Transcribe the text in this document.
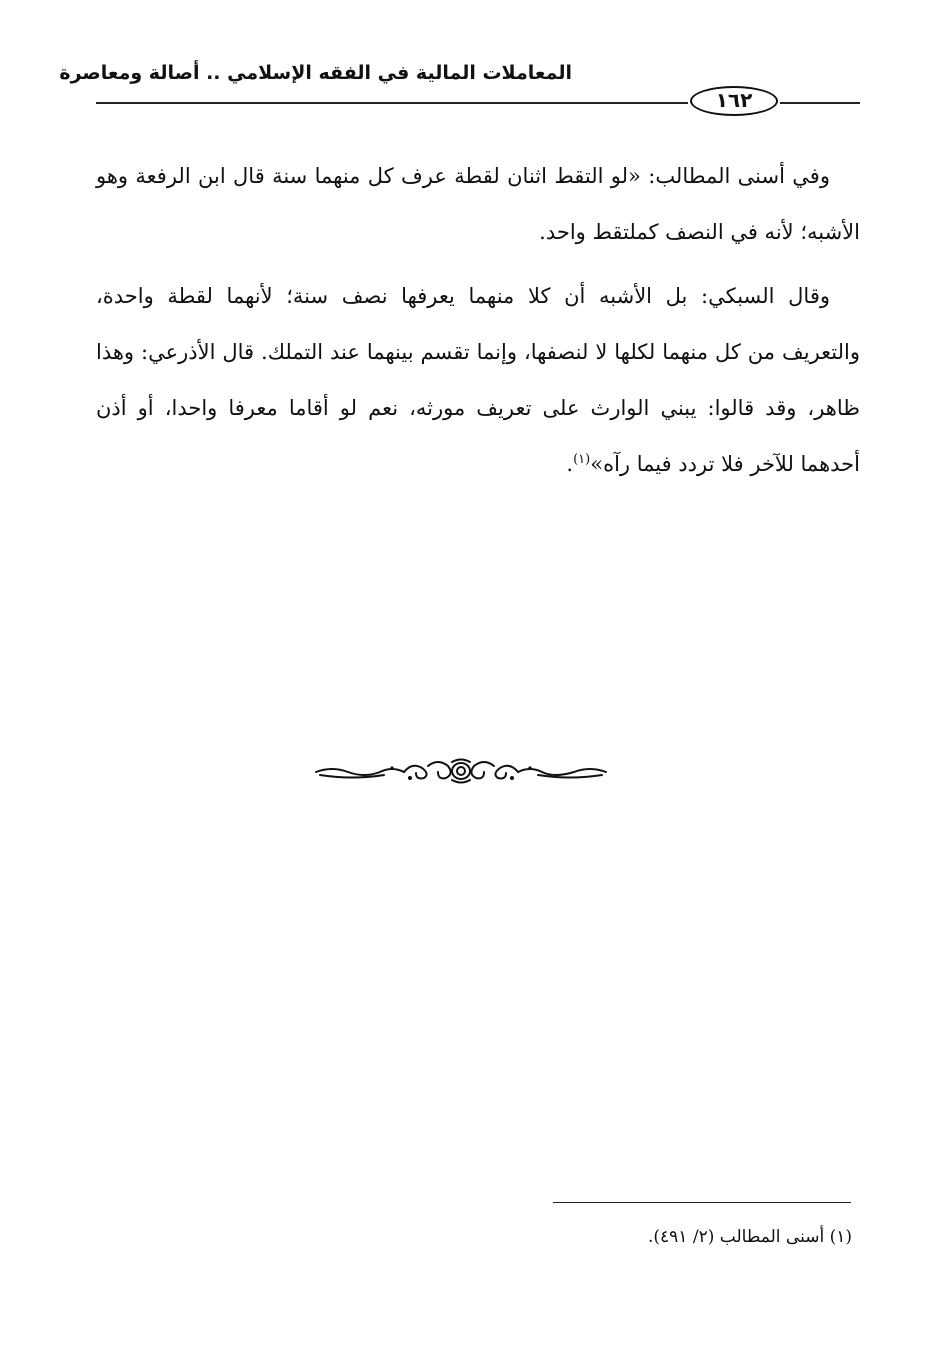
المعاملات المالية في الفقه الإسلامي .. أصالة ومعاصرة
١٦٢

وفي أسنى المطالب: «لو التقط اثنان لقطة عرف كل منهما سنة قال ابن الرفعة وهو الأشبه؛ لأنه في النصف كملتقط واحد.

وقال السبكي: بل الأشبه أن كلا منهما يعرفها نصف سنة؛ لأنهما لقطة واحدة، والتعريف من كل منهما لكلها لا لنصفها، وإنما تقسم بينهما عند التملك. قال الأذرعي: وهذا ظاهر، وقد قالوا: يبني الوارث على تعريف مورثه، نعم لو أقاما معرفا واحدا، أو أذن أحدهما للآخر فلا تردد فيما رآه»$^{(١)}$.

(١) أسنى المطالب (٢/ ٤٩١).
